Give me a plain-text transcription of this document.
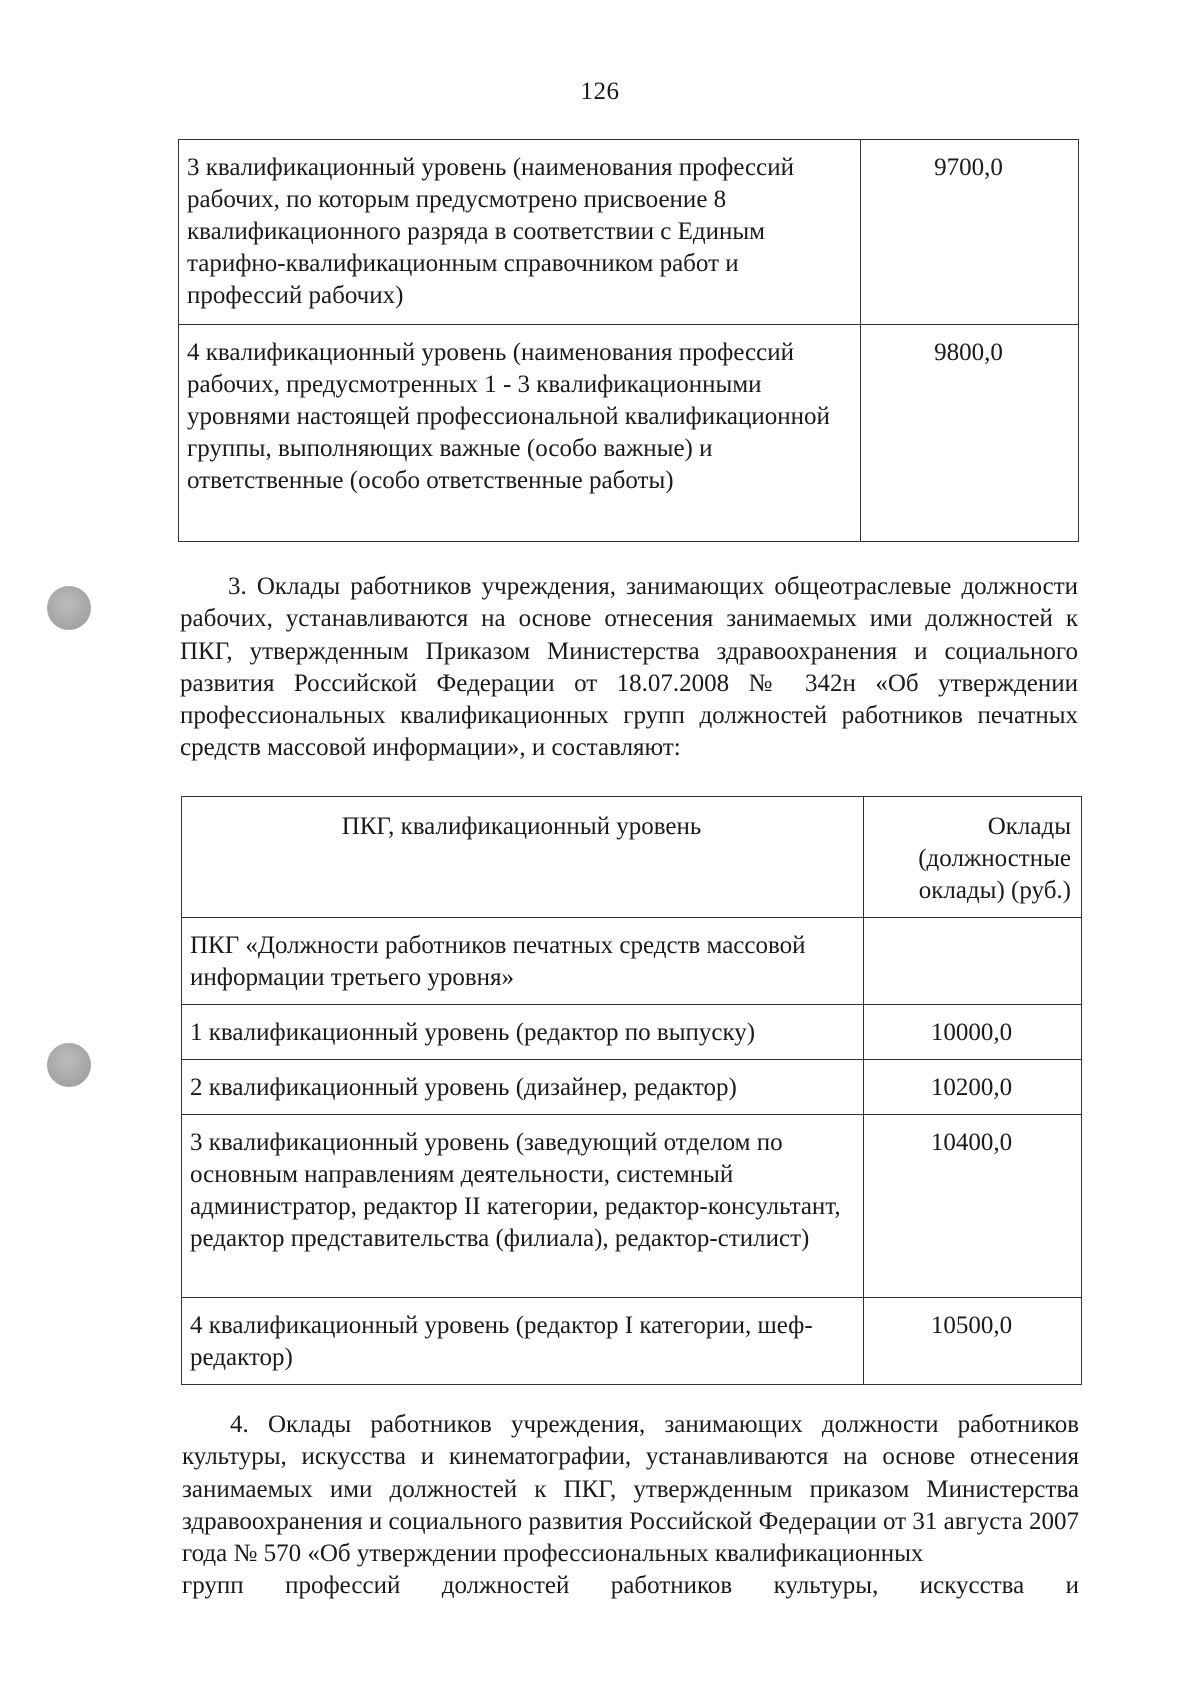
126
3 квалификационный уровень (наименования профессий рабочих, по которым предусмотрено присвоение 8 квалификационного разряда в соответствии с Единым тарифно-квалификационным справочником работ и профессий рабочих)	9700,0
4 квалификационный уровень (наименования профессий рабочих, предусмотренных 1 - 3 квалификационными уровнями настоящей профессиональной квалификационной группы, выполняющих важные (особо важные) и ответственные (особо ответственные работы)	9800,0
3. Оклады работников учреждения, занимающих общеотраслевые должности рабочих, устанавливаются на основе отнесения занимаемых ими должностей к ПКГ, утвержденным Приказом Министерства здравоохранения и социального развития Российской Федерации от 18.07.2008 № 342н «Об утверждении профессиональных квалификационных групп должностей работников печатных средств массовой информации», и составляют:
ПКГ, квалификационный уровень	Оклады (должностные оклады) (руб.)
ПКГ «Должности работников печатных средств массовой информации третьего уровня»	
1 квалификационный уровень (редактор по выпуску)	10000,0
2 квалификационный уровень (дизайнер, редактор)	10200,0
3 квалификационный уровень (заведующий отделом по основным направлениям деятельности, системный администратор, редактор II категории, редактор-консультант, редактор представительства (филиала), редактор-стилист)	10400,0
4 квалификационный уровень (редактор I категории, шеф-редактор)	10500,0
4. Оклады работников учреждения, занимающих должности работников культуры, искусства и кинематографии, устанавливаются на основе отнесения занимаемых ими должностей к ПКГ, утвержденным приказом Министерства здравоохранения и социального развития Российской Федерации от 31 августа 2007 года № 570 «Об утверждении профессиональных квалификационных
групп профессий должностей работников культуры, искусства и
